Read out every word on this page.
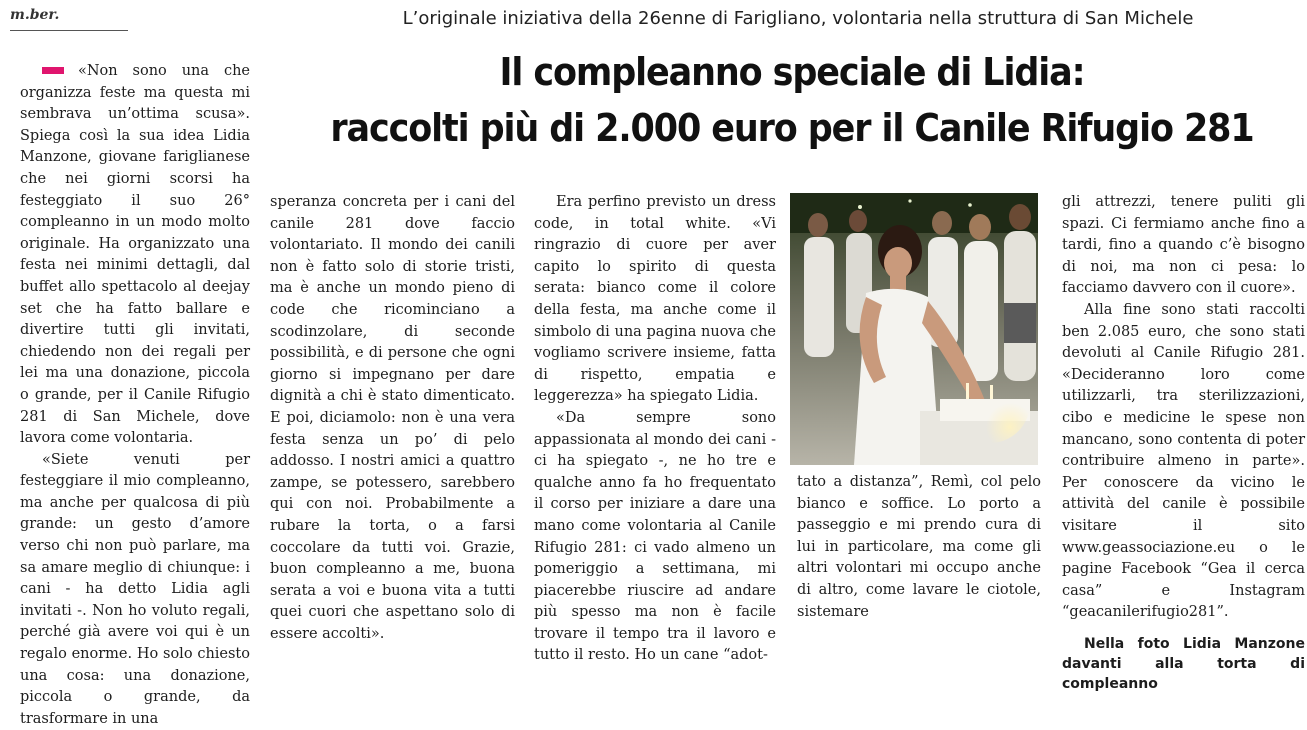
m.ber.	L’originale iniziativa della 26enne di Farigliano, volontaria nella struttura di San Michele
Il compleanno speciale di Lidia:
raccolti più di 2.000 euro per il Canile Rifugio 281

«Non sono una che organizza feste ma questa mi sembrava un’ottima scusa». Spiega così la sua idea Lidia Manzone, giovane fariglianese che nei giorni scorsi ha festeggiato il suo 26° compleanno in un modo molto originale. Ha organizzato una festa nei minimi dettagli, dal buffet allo spettacolo al deejay set che ha fatto ballare e divertire tutti gli invitati, chiedendo non dei regali per lei ma una donazione, piccola o grande, per il Canile Rifugio 281 di San Michele, dove lavora come volontaria.

«Siete venuti per festeggiare il mio compleanno, ma anche per qualcosa di più grande: un gesto d’amore verso chi non può parlare, ma sa amare meglio di chiunque: i cani - ha detto Lidia agli invitati -. Non ho voluto regali, perché già avere voi qui è un regalo enorme. Ho solo chiesto una cosa: una donazione, piccola o grande, da trasformare in una

speranza concreta per i cani del canile 281 dove faccio volontariato. Il mondo dei canili non è fatto solo di storie tristi, ma è anche un mondo pieno di code che ricominciano a scodinzolare, di seconde possibilità, e di persone che ogni giorno si impegnano per dare dignità a chi è stato dimenticato. E poi, diciamolo: non è una vera festa senza un po’ di pelo addosso. I nostri amici a quattro zampe, se potessero, sarebbero qui con noi. Probabilmente a rubare la torta, o a farsi coccolare da tutti voi. Grazie, buon compleanno a me, buona serata a voi e buona vita a tutti quei cuori che aspettano solo di essere accolti».

Era perfino previsto un dress code, in total white. «Vi ringrazio di cuore per aver capito lo spirito di questa serata: bianco come il colore della festa, ma anche come il simbolo di una pagina nuova che vogliamo scrivere insieme, fatta di rispetto, empatia e leggerezza» ha spiegato Lidia.

«Da sempre sono appassionata al mondo dei cani - ci ha spiegato -, ne ho tre e qualche anno fa ho frequentato il corso per iniziare a dare una mano come volontaria al Canile Rifugio 281: ci vado almeno un pomeriggio a settimana, mi piacerebbe riuscire ad andare più spesso ma non è facile trovare il tempo tra il lavoro e tutto il resto. Ho un cane “adot-

tato a distanza”, Remì, col pelo bianco e soffice. Lo porto a passeggio e mi prendo cura di lui in particolare, ma come gli altri volontari mi occupo anche di altro, come lavare le ciotole, sistemare

gli attrezzi, tenere puliti gli spazi. Ci fermiamo anche fino a tardi, fino a quando c’è bisogno di noi, ma non ci pesa: lo facciamo davvero con il cuore».

Alla fine sono stati raccolti ben 2.085 euro, che sono stati devoluti al Canile Rifugio 281. «Decideranno loro come utilizzarli, tra sterilizzazioni, cibo e medicine le spese non mancano, sono contenta di poter contribuire almeno in parte». Per conoscere da vicino le attività del canile è possibile visitare il sito www.geassociazione.eu o le pagine Facebook “Gea il cerca casa” e Instagram “geacanilerifugio281”.

Nella foto Lidia Manzone davanti alla torta di compleanno
